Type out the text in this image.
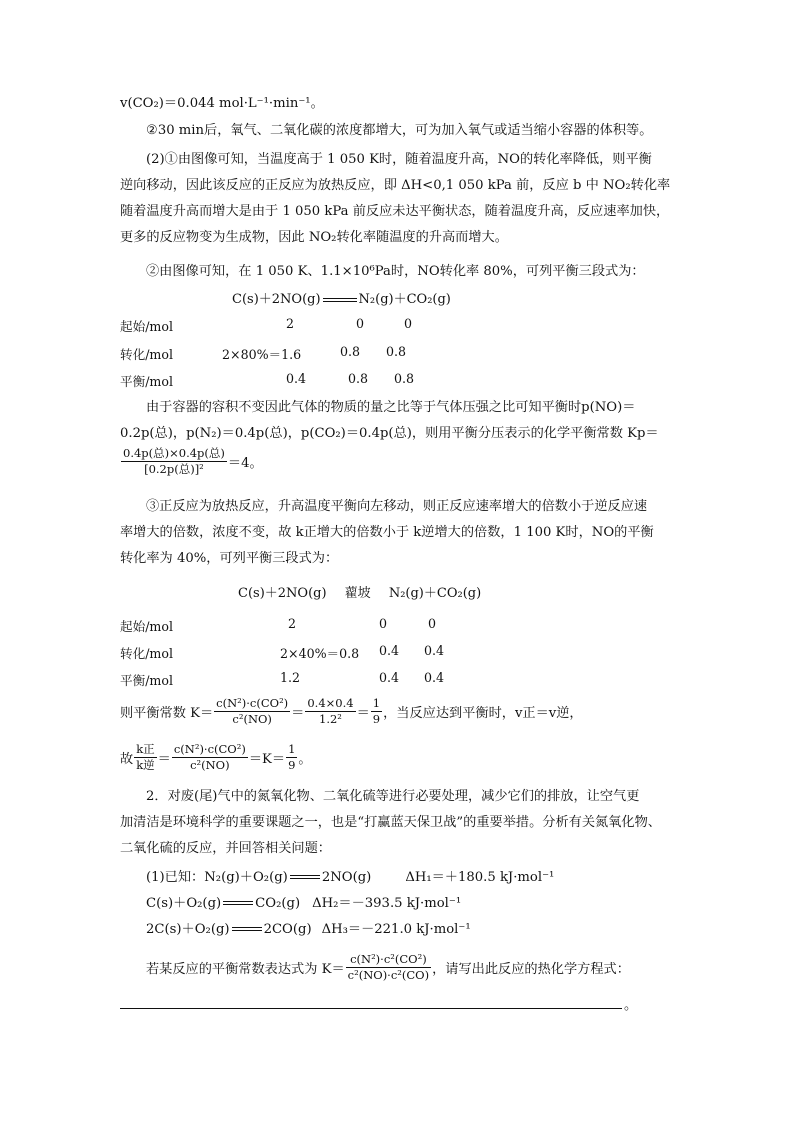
v(CO₂)＝0.044 mol·L⁻¹·min⁻¹。
②30 min后，氧气、二氧化碳的浓度都增大，可为加入氧气或适当缩小容器的体积等。
(2)①由图像可知，当温度高于 1 050 K时，随着温度升高，NO的转化率降低，则平衡
逆向移动，因此该反应的正反应为放热反应，即 ΔH<0,1 050 kPa 前，反应 b 中 NO₂转化率
随着温度升高而增大是由于 1 050 kPa 前反应未达平衡状态，随着温度升高，反应速率加快，
更多的反应物变为生成物，因此 NO₂转化率随温度的升高而增大。
②由图像可知，在 1 050 K、1.1×10⁶Pa时，NO转化率 80%，可列平衡三段式为：
C(s)＋2NO(g)	N₂(g)＋CO₂(g)
起始/mol	2	0	0
转化/mol	2×80%＝1.6	0.8 0.8
平衡/mol	0.4	0.8 0.8
由于容器的容积不变因此气体的物质的量之比等于气体压强之比可知平衡时p(NO)＝
0.2p(总)，p(N₂)＝0.4p(总)，p(CO₂)＝0.4p(总)，则用平衡分压表示的化学平衡常数 Kp＝
$\frac{\text{0.4p(总)×0.4p(总)}}{\text{[0.2p(总)]²}} =4$。
③正反应为放热反应，升高温度平衡向左移动，则正反应速率增大的倍数小于逆反应速
率增大的倍数，浓度不变，故 k正增大的倍数小于 k逆增大的倍数，1 100 K时，NO的平衡
转化率为 40%，可列平衡三段式为：
C(s)＋2NO(g) 藋坡 N₂(g)＋CO₂(g)
起始/mol	2	0	0
转化/mol	2×40%＝0.8 0.4 0.4
平衡/mol	1.2	0.4 0.4
则平衡常数 $K= \frac{\text{c(N²)·c(CO²)}}{\text{c²(NO)}} = \frac{0.4\times 0.4}{\text{1.2²}} = \frac{1}{9}$ ，当反应达到平衡时，v正＝v逆，
故 $\frac{\text{k正}}{\text{k逆}} = \frac{\text{c(N²)·c(CO²)}}{\text{c²(NO)}} =K= \frac{1}{9}$ 。
2．对废(尾)气中的氮氧化物、二氧化硫等进行必要处理，减少它们的排放，让空气更
加清洁是环境科学的重要课题之一，也是“打赢蓝天保卫战”的重要举措。分析有关氮氧化物、
二氧化硫的反应，并回答相关问题：
(1)已知：N₂(g)＋O₂(g)	2NO(g)	ΔH₁＝＋180.5 kJ·mol⁻¹
C(s)＋O₂(g)	CO₂(g) ΔH₂＝－393.5 kJ·mol⁻¹
2C(s)＋O₂(g)	2CO(g) ΔH₃＝－221.0 kJ·mol⁻¹
若某反应的平衡常数表达式为 $K= \frac{\text{c(N²)·c²(CO²)}}{\text{c²(NO)·c²(CO)}}$ ，请写出此反应的热化学方程式：
。
